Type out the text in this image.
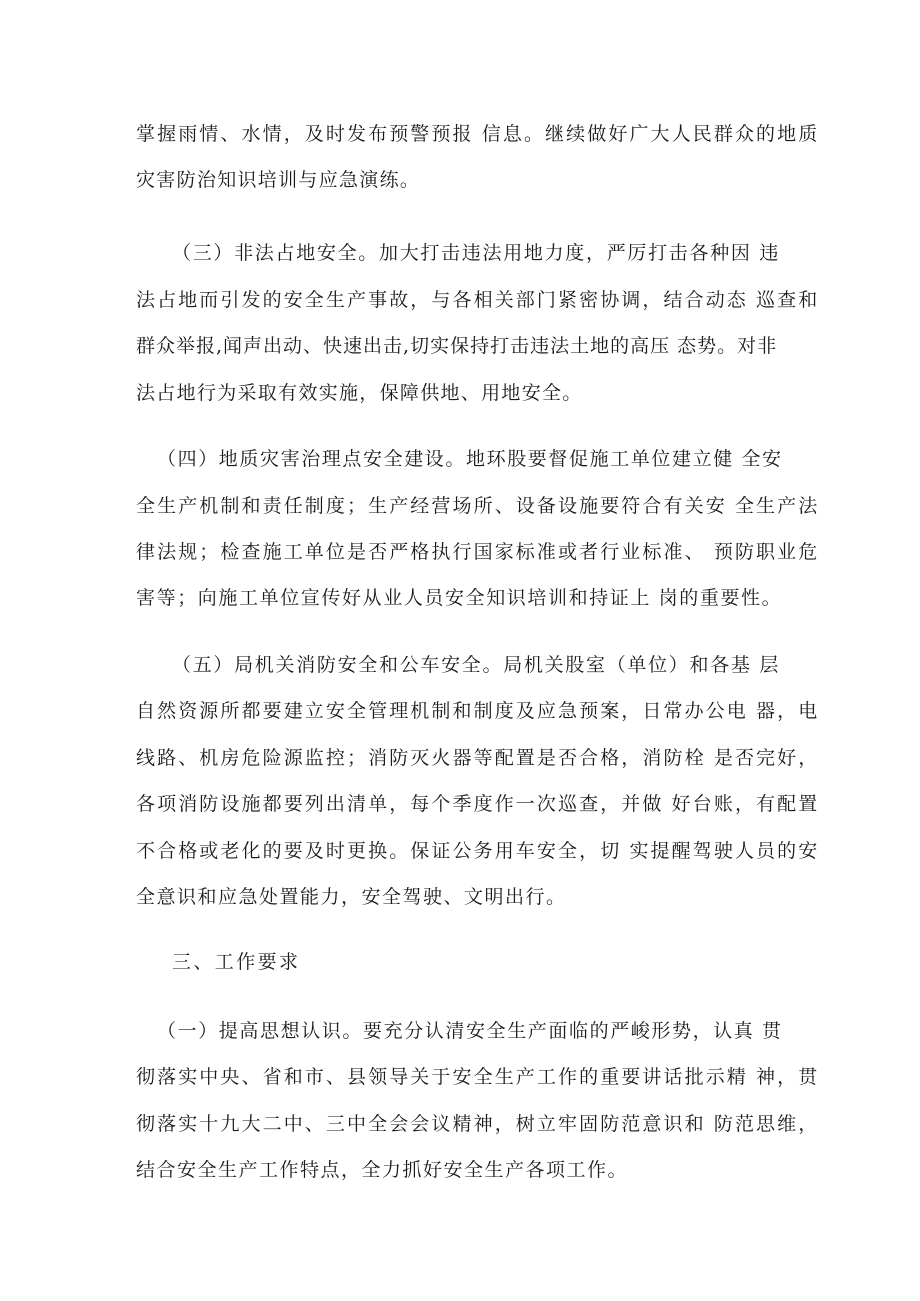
掌握雨情、水情，及时发布预警预报 信息。继续做好广大人民群众的地质
灾害防治知识培训与应急演练。
（三）非法占地安全。加大打击违法用地力度，严厉打击各种因 违
法占地而引发的安全生产事故，与各相关部门紧密协调，结合动态 巡查和
群众举报,闻声出动、快速出击,切实保持打击违法土地的高压 态势。对非
法占地行为采取有效实施，保障供地、用地安全。
（四）地质灾害治理点安全建设。地环股要督促施工单位建立健 全安
全生产机制和责任制度；生产经营场所、设备设施要符合有关安 全生产法
律法规；检查施工单位是否严格执行国家标准或者行业标准、 预防职业危
害等；向施工单位宣传好从业人员安全知识培训和持证上 岗的重要性。
（五）局机关消防安全和公车安全。局机关股室（单位）和各基 层
自然资源所都要建立安全管理机制和制度及应急预案，日常办公电 器，电
线路、机房危险源监控；消防灭火器等配置是否合格，消防栓 是否完好，
各项消防设施都要列出清单，每个季度作一次巡查，并做 好台账，有配置
不合格或老化的要及时更换。保证公务用车安全，切 实提醒驾驶人员的安
全意识和应急处置能力，安全驾驶、文明出行。
三、工作要求
（一）提高思想认识。要充分认清安全生产面临的严峻形势，认真 贯
彻落实中央、省和市、县领导关于安全生产工作的重要讲话批示精 神，贯
彻落实十九大二中、三中全会会议精神，树立牢固防范意识和 防范思维，
结合安全生产工作特点，全力抓好安全生产各项工作。
